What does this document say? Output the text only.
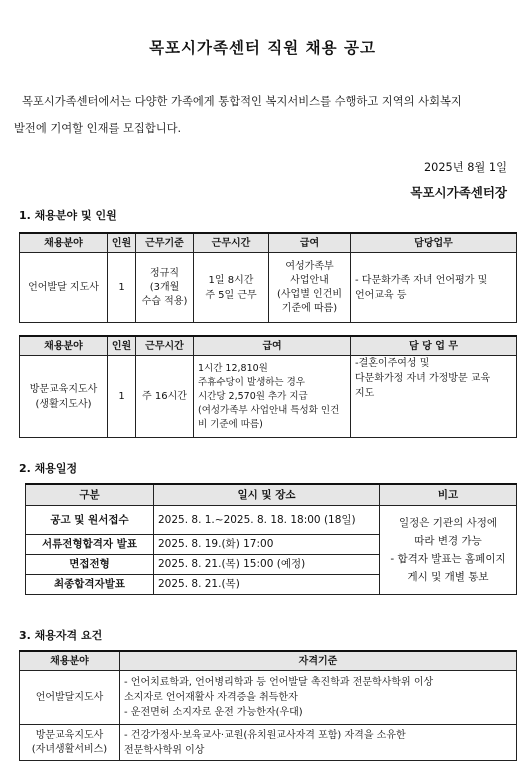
목포시가족센터 직원 채용 공고
목포시가족센터에서는 다양한 가족에게 통합적인 복지서비스를 수행하고 지역의 사회복지
발전에 기여할 인재를 모집합니다.
2025년 8월 1일
목포시가족센터장
1. 채용분야 및 인원
채용분야	인원	근무기준	근무시간	급여	담당업무
언어발달 지도사	1	정규직
(3개월
수습 적용)	1일 8시간
주 5일 근무	여성가족부
사업안내
(사업별 인건비
기준에 따름)	- 다문화가족 자녀 언어평가 및
언어교육 등
채용분야	인원	근무시간	급여	담 당 업 무
방문교육지도사
(생활지도사)	1	주 16시간	1시간 12,810원
주휴수당이 발생하는 경우
시간당 2,570원 추가 지급
(여성가족부 사업안내 특성화 인건
비 기준에 따름)	-결혼이주여성 및
다문화가정 자녀 가정방문 교육
지도
2. 채용일정
구분	일시 및 장소	비고
공고 및 원서접수	2025. 8. 1.~2025. 8. 18. 18:00 (18일)	일정은 기관의 사정에
따라 변경 가능
- 합격자 발표는 홈페이지
게시 및 개별 통보
서류전형합격자 발표	2025. 8. 19.(화) 17:00	
면접전형	2025. 8. 21.(목) 15:00 (예정)	
최종합격자발표	2025. 8. 21.(목)	
3. 채용자격 요건
채용분야	자격기준
언어발달지도사	- 언어치료학과, 언어병리학과 등 언어발달 촉진학과 전문학사학위 이상
소지자로 언어재활사 자격증을 취득한자
- 운전면허 소지자로 운전 가능한자(우대)
방문교육지도사
(자녀생활서비스)	- 건강가정사·보육교사·교원(유치원교사자격 포함) 자격을 소유한
전문학사학위 이상
